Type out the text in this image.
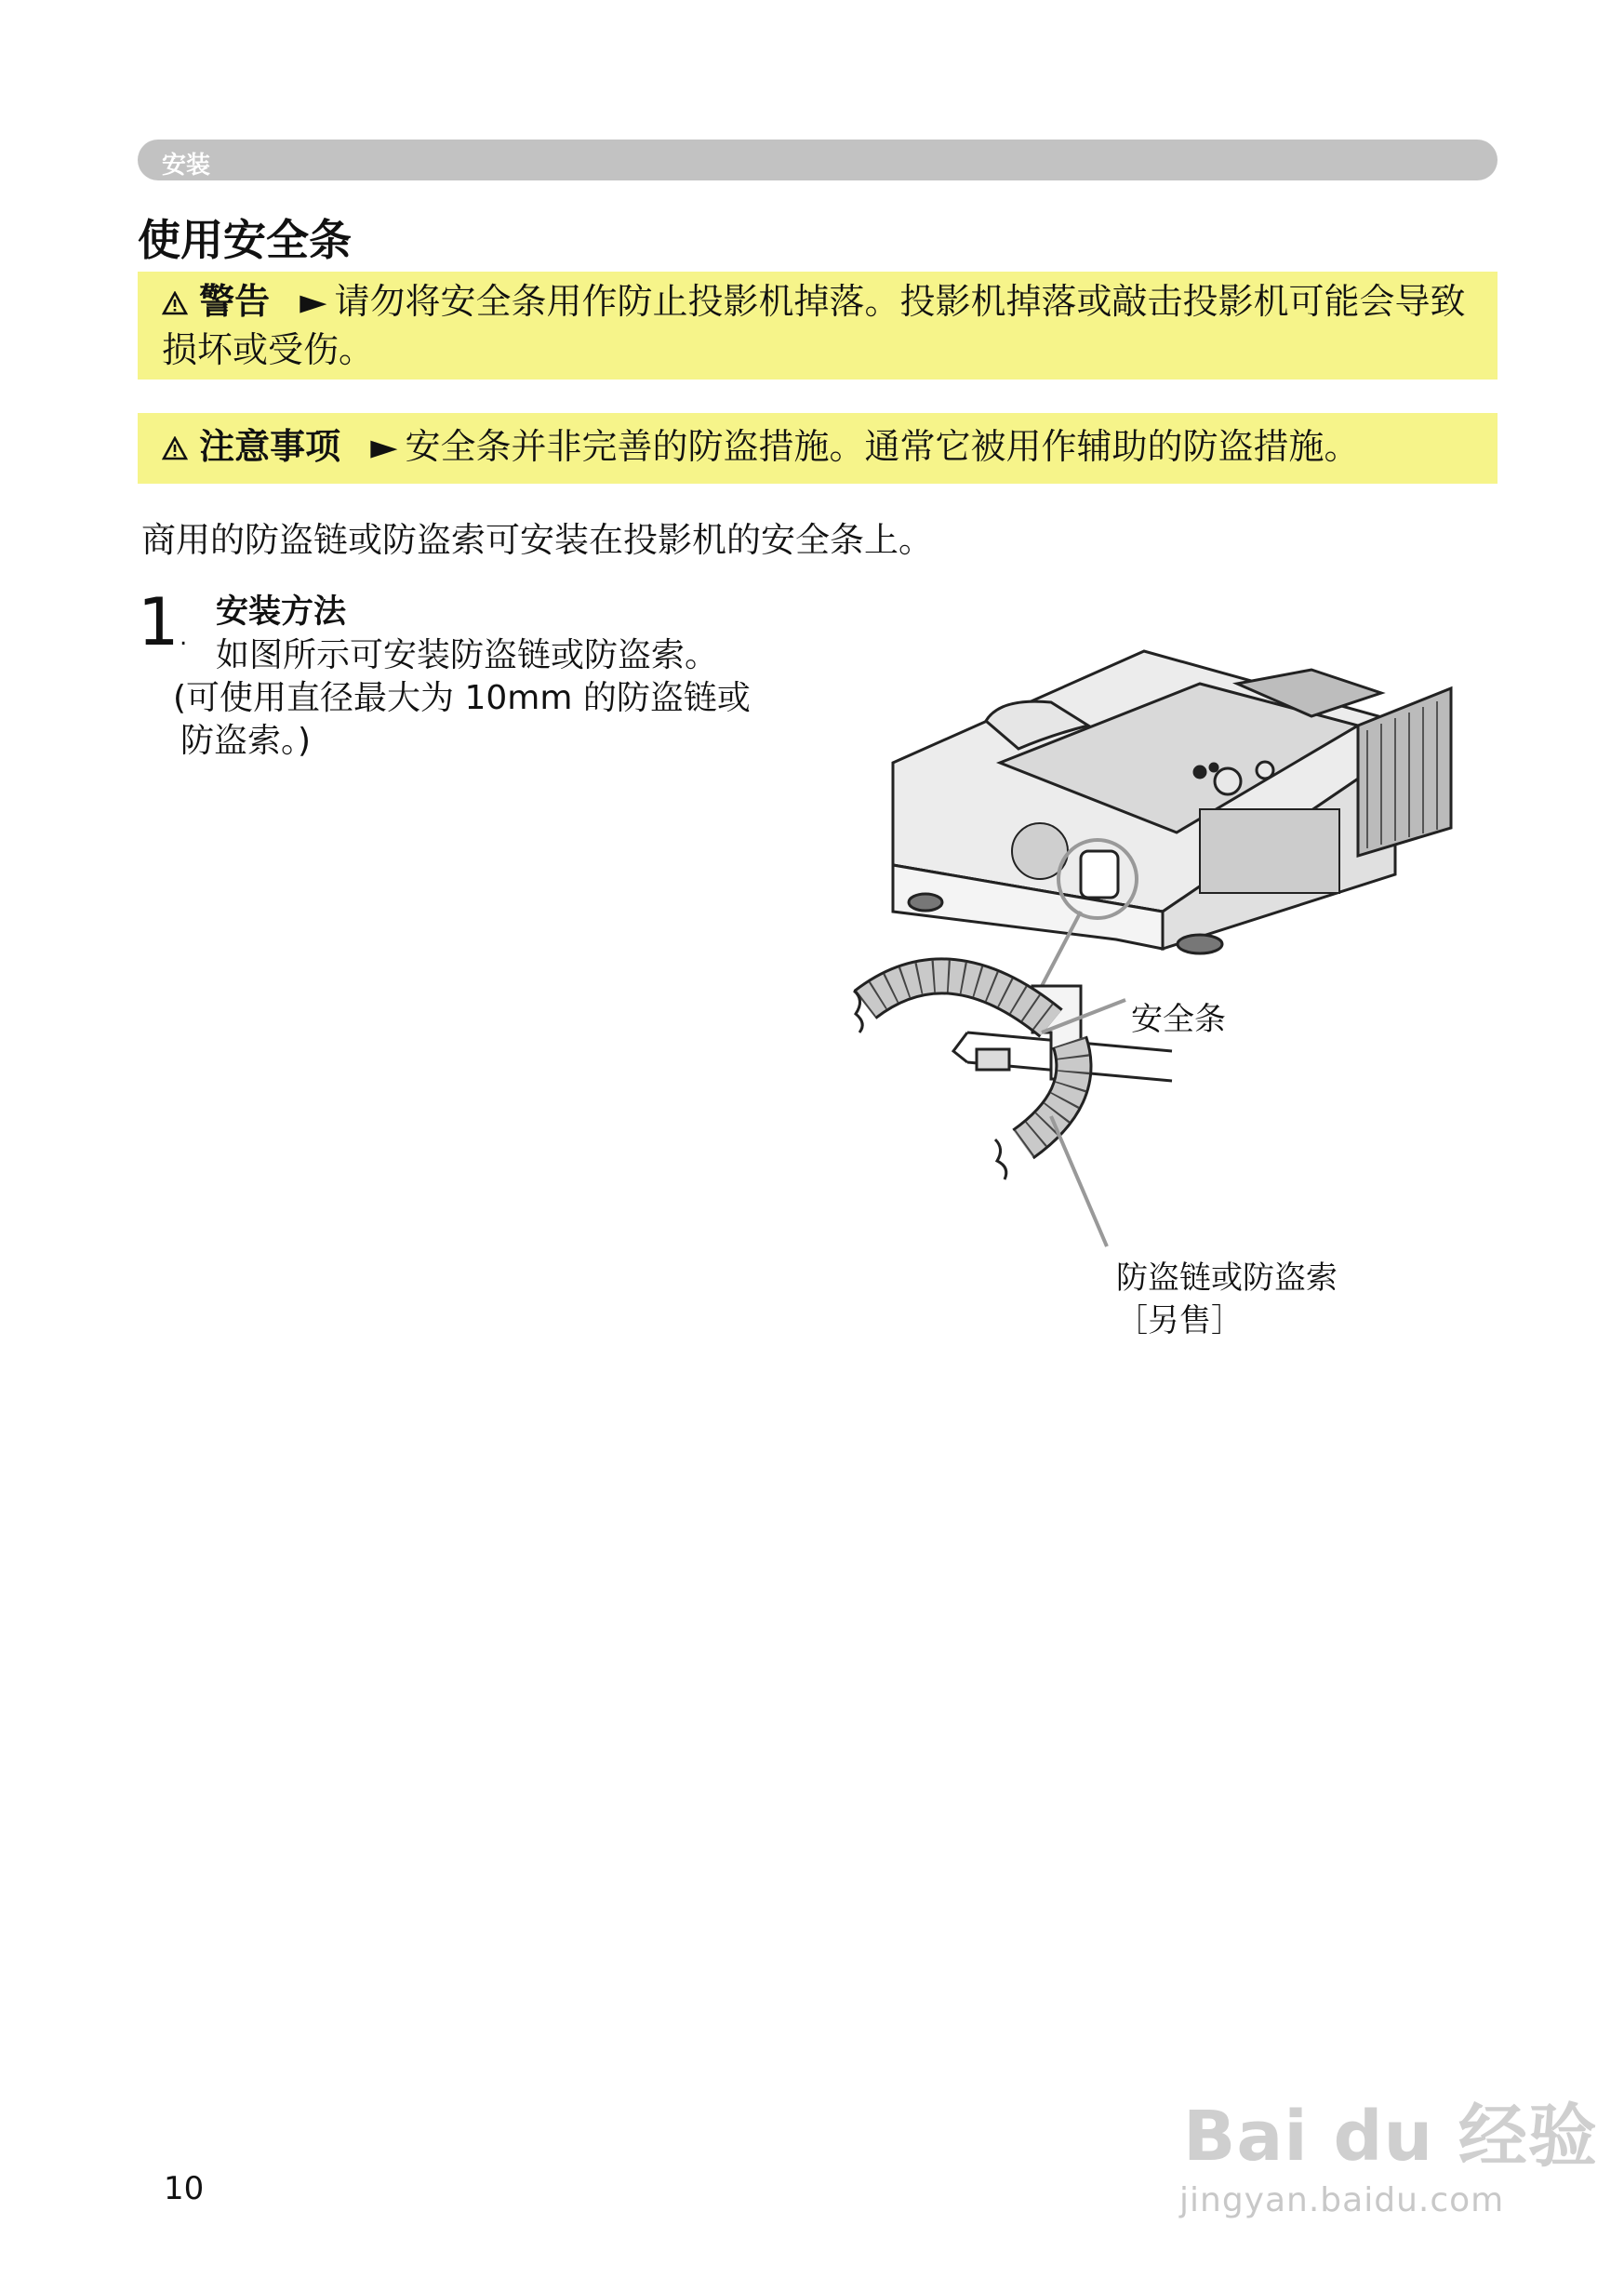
安装
使用安全条
警告 ► 请勿将安全条用作防止投影机掉落。投影机掉落或敲击投影机可能会导致损坏或受伤。
注意事项 ► 安全条并非完善的防盗措施。通常它被用作辅助的防盗措施。
商用的防盗链或防盗索可安装在投影机的安全条上。
1 .
安装方法
如图所示可安装防盗链或防盗索。
(可使用直径最大为 10mm 的防盗链或
防盗索。)
安全条
防盗链或防盗索
［另售］
10
Bai du 经验
jingyan.baidu.com
